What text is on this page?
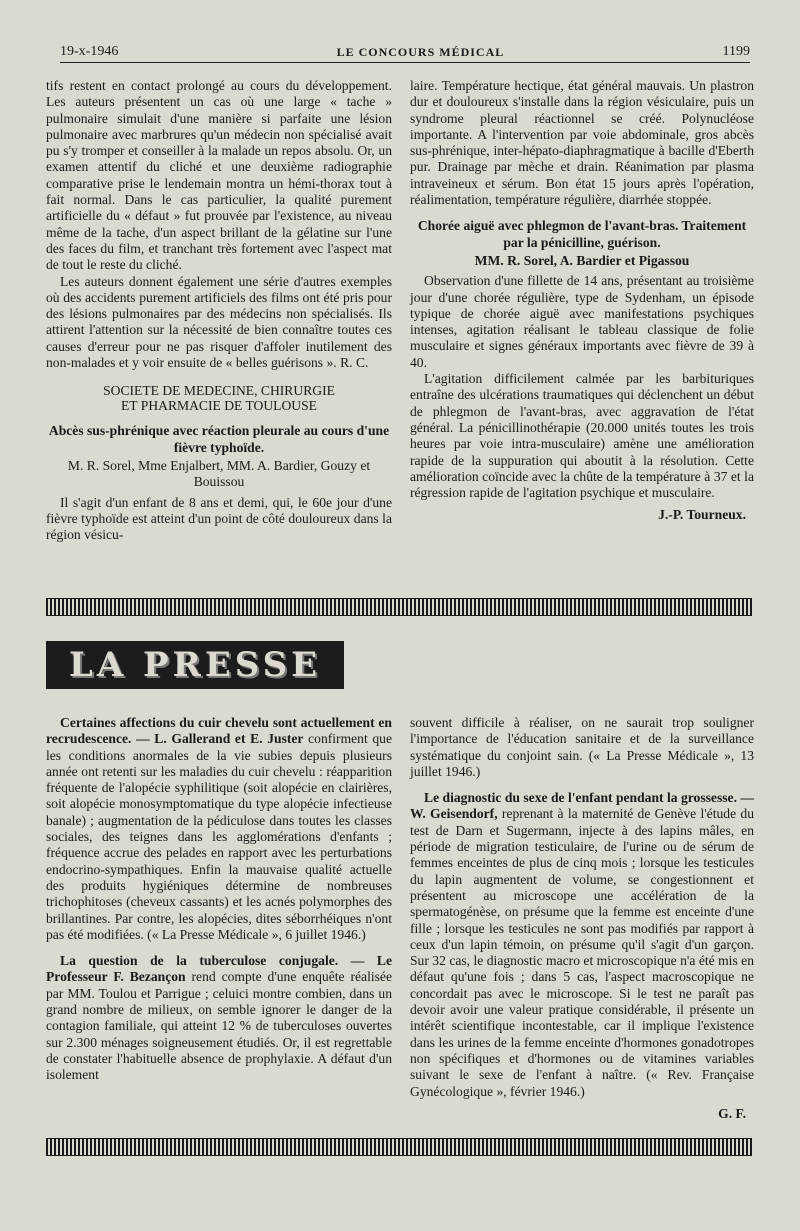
19-x-1946	LE CONCOURS MÉDICAL	1199

tifs restent en contact prolongé au cours du développement. Les auteurs présentent un cas où une large « tache » pulmonaire simulait d'une manière si parfaite une lésion pulmonaire avec marbrures qu'un médecin non spécialisé avait pu s'y tromper et conseiller à la malade un repos absolu. Or, un examen attentif du cliché et une deuxième radiographie comparative prise le lendemain montra un hémi-thorax tout à fait normal. Dans le cas particulier, la qualité purement artificielle du « défaut » fut prouvée par l'existence, au niveau même de la tache, d'un aspect brillant de la gélatine sur l'une des faces du film, et tranchant très fortement avec l'aspect mat de tout le reste du cliché.

Les auteurs donnent également une série d'autres exemples où des accidents purement artificiels des films ont été pris pour des lésions pulmonaires par des médecins non spécialisés. Ils attirent l'attention sur la nécessité de bien connaître toutes ces causes d'erreur pour ne pas risquer d'affoler inutilement des non-malades et y voir ensuite de « belles guérisons ». R. C.

SOCIETE DE MEDECINE, CHIRURGIE
ET PHARMACIE DE TOULOUSE
Abcès sus-phrénique avec réaction pleurale au cours d'une fièvre typhoïde.
M. R. Sorel, Mme Enjalbert, MM. A. Bardier, Gouzy et Bouissou

Il s'agit d'un enfant de 8 ans et demi, qui, le 60e jour d'une fièvre typhoïde est atteint d'un point de côté douloureux dans la région vésicu-

laire. Température hectique, état général mauvais. Un plastron dur et douloureux s'installe dans la région vésiculaire, puis un syndrome pleural réactionnel se créé. Polynucléose importante. A l'intervention par voie abdominale, gros abcès sus-phrénique, inter-hépato-diaphragmatique à bacille d'Eberth pur. Drainage par mèche et drain. Réanimation par plasma intraveineux et sérum. Bon état 15 jours après l'opération, réalimentation, température régulière, diarrhée stoppée.

Chorée aiguë avec phlegmon de l'avant-bras. Traitement par la pénicilline, guérison.
MM. R. Sorel, A. Bardier et Pigassou

Observation d'une fillette de 14 ans, présentant au troisième jour d'une chorée régulière, type de Sydenham, un épisode typique de chorée aiguë avec manifestations psychiques intenses, agitation réalisant le tableau classique de folie musculaire et signes généraux importants avec fièvre de 39 à 40.

L'agitation difficilement calmée par les barbituriques entraîne des ulcérations traumatiques qui déclenchent un début de phlegmon de l'avant-bras, avec aggravation de l'état général. La pénicillinothérapie (20.000 unités toutes les trois heures par voie intra-musculaire) amène une amélioration rapide de la suppuration qui aboutit à la résolution. Cette amélioration coïncide avec la chûte de la température à 37 et la régression rapide de l'agitation psychique et musculaire.

J.-P. Tourneux.
LA PRESSE

Certaines affections du cuir chevelu sont actuellement en recrudescence. — L. Gallerand et E. Juster confirment que les conditions anormales de la vie subies depuis plusieurs année ont retenti sur les maladies du cuir chevelu : réapparition fréquente de l'alopécie syphilitique (soit alopécie en clairières, soit alopécie monosymptomatique du type alopécie infectieuse banale) ; augmentation de la pédiculose dans toutes les classes sociales, des teignes dans les agglomérations d'enfants ; fréquence accrue des pelades en rapport avec les perturbations endocrino-sympathiques. Enfin la mauvaise qualité actuelle des produits hygiéniques détermine de nombreuses trichophitoses (cheveux cassants) et les acnés polymorphes des brillantines. Par contre, les alopécies, dites séborrhéiques n'ont pas été modifiées. (« La Presse Médicale », 6 juillet 1946.)

La question de la tuberculose conjugale. — Le Professeur F. Bezançon rend compte d'une enquête réalisée par MM. Toulou et Parrigue ; celuici montre combien, dans un grand nombre de milieux, on semble ignorer le danger de la contagion familiale, qui atteint 12 % de tuberculoses ouvertes sur 2.300 ménages soigneusement étudiés. Or, il est regrettable de constater l'habituelle absence de prophylaxie. A défaut d'un isolement

souvent difficile à réaliser, on ne saurait trop souligner l'importance de l'éducation sanitaire et de la surveillance systématique du conjoint sain. (« La Presse Médicale », 13 juillet 1946.)

Le diagnostic du sexe de l'enfant pendant la grossesse. — W. Geisendorf, reprenant à la maternité de Genève l'étude du test de Darn et Sugermann, injecte à des lapins mâles, en période de migration testiculaire, de l'urine ou de sérum de femmes enceintes de plus de cinq mois ; lorsque les testicules du lapin augmentent de volume, se congestionnent et présentent au microscope une accélération de la spermatogénèse, on présume que la femme est enceinte d'une fille ; lorsque les testicules ne sont pas modifiés par rapport à ceux d'un lapin témoin, on présume qu'il s'agit d'un garçon. Sur 32 cas, le diagnostic macro et microscopique n'a été mis en défaut qu'une fois ; dans 5 cas, l'aspect macroscopique ne concordait pas avec le microscope. Si le test ne paraît pas devoir avoir une valeur pratique considérable, il présente un intérêt scientifique incontestable, car il implique l'existence dans les urines de la femme enceinte d'hormones gonadotropes non spécifiques et d'hormones ou de vitamines variables suivant le sexe de l'enfant à naître. (« Rev. Française Gynécologique », février 1946.)

G. F.
